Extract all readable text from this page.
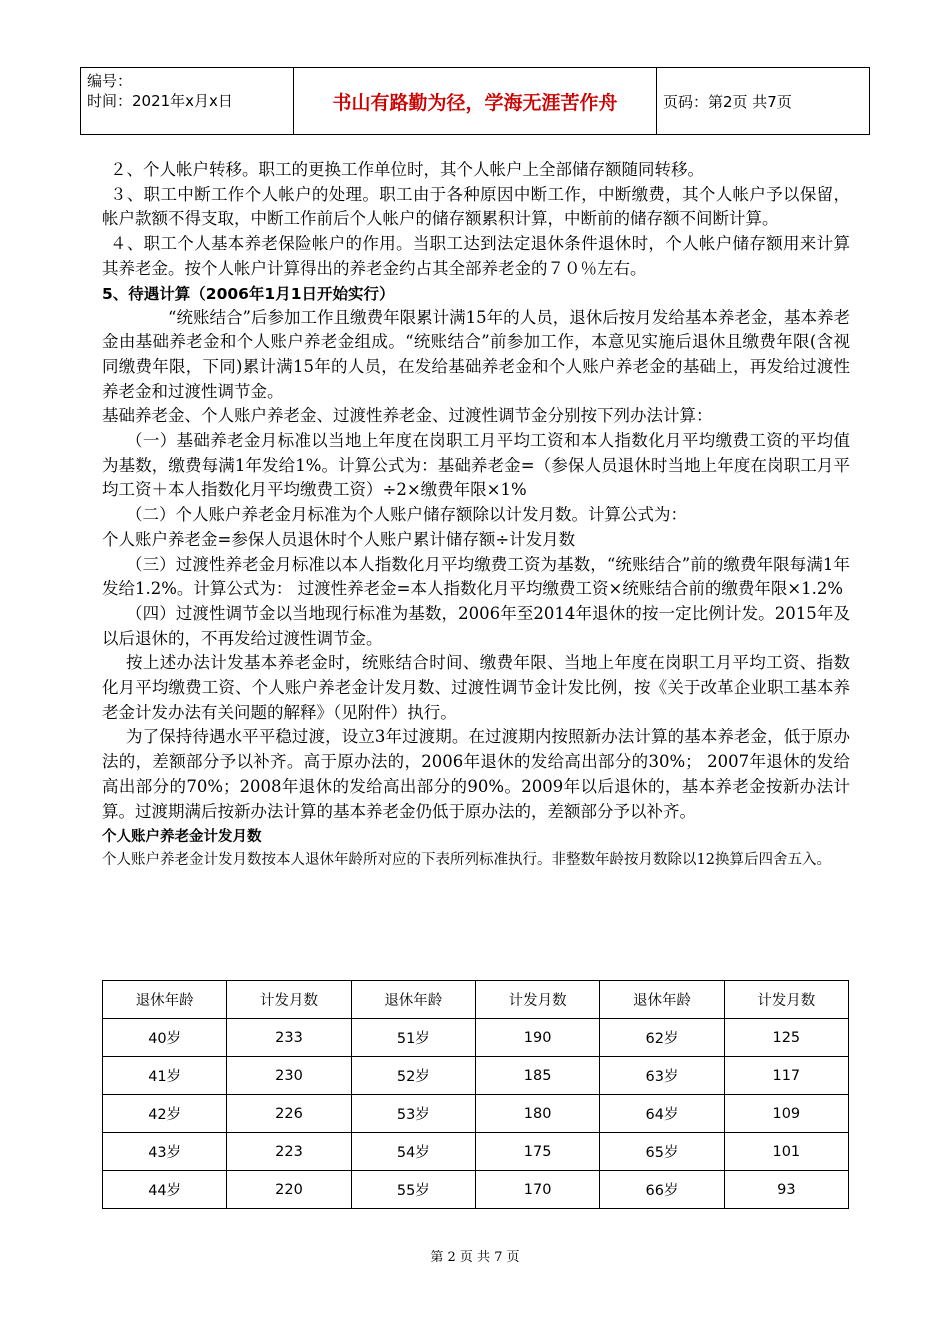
编号：
时间：2021年x月x日	书山有路勤为径，学海无涯苦作舟	页码：第2页 共7页

２、个人帐户转移。职工的更换工作单位时，其个人帐户上全部储存额随同转移。

３、职工中断工作个人帐户的处理。职工由于各种原因中断工作，中断缴费，其个人帐户予以保留，帐户款额不得支取，中断工作前后个人帐户的储存额累积计算，中断前的储存额不间断计算。

４、职工个人基本养老保险帐户的作用。当职工达到法定退休条件退休时，个人帐户储存额用来计算其养老金。按个人帐户计算得出的养老金约占其全部养老金的７０％左右。

5、待遇计算（2006年1月1日开始实行）

“统账结合”后参加工作且缴费年限累计满15年的人员，退休后按月发给基本养老金，基本养老金由基础养老金和个人账户养老金组成。“统账结合”前参加工作，本意见实施后退休且缴费年限(含视同缴费年限，下同)累计满15年的人员，在发给基础养老金和个人账户养老金的基础上，再发给过渡性养老金和过渡性调节金。

基础养老金、个人账户养老金、过渡性养老金、过渡性调节金分别按下列办法计算：

（一）基础养老金月标准以当地上年度在岗职工月平均工资和本人指数化月平均缴费工资的平均值为基数，缴费每满1年发给1%。计算公式为：基础养老金=（参保人员退休时当地上年度在岗职工月平均工资＋本人指数化月平均缴费工资）÷2×缴费年限×1%

（二）个人账户养老金月标准为个人账户储存额除以计发月数。计算公式为：

个人账户养老金=参保人员退休时个人账户累计储存额÷计发月数

（三）过渡性养老金月标准以本人指数化月平均缴费工资为基数，“统账结合”前的缴费年限每满1年发给1.2%。计算公式为： 过渡性养老金=本人指数化月平均缴费工资×统账结合前的缴费年限×1.2%

（四）过渡性调节金以当地现行标准为基数，2006年至2014年退休的按一定比例计发。2015年及以后退休的，不再发给过渡性调节金。

按上述办法计发基本养老金时，统账结合时间、缴费年限、当地上年度在岗职工月平均工资、指数化月平均缴费工资、个人账户养老金计发月数、过渡性调节金计发比例，按《关于改革企业职工基本养老金计发办法有关问题的解释》（见附件）执行。

为了保持待遇水平平稳过渡，设立3年过渡期。在过渡期内按照新办法计算的基本养老金，低于原办法的，差额部分予以补齐。高于原办法的，2006年退休的发给高出部分的30%； 2007年退休的发给高出部分的70%；2008年退休的发给高出部分的90%。2009年以后退休的，基本养老金按新办法计算。过渡期满后按新办法计算的基本养老金仍低于原办法的，差额部分予以补齐。

个人账户养老金计发月数

个人账户养老金计发月数按本人退休年龄所对应的下表所列标准执行。非整数年龄按月数除以12换算后四舍五入。

退休年龄	计发月数	退休年龄	计发月数	退休年龄	计发月数
40岁	233	51岁	190	62岁	125
41岁	230	52岁	185	63岁	117
42岁	226	53岁	180	64岁	109
43岁	223	54岁	175	65岁	101
44岁	220	55岁	170	66岁	93
第 2 页 共 7 页
